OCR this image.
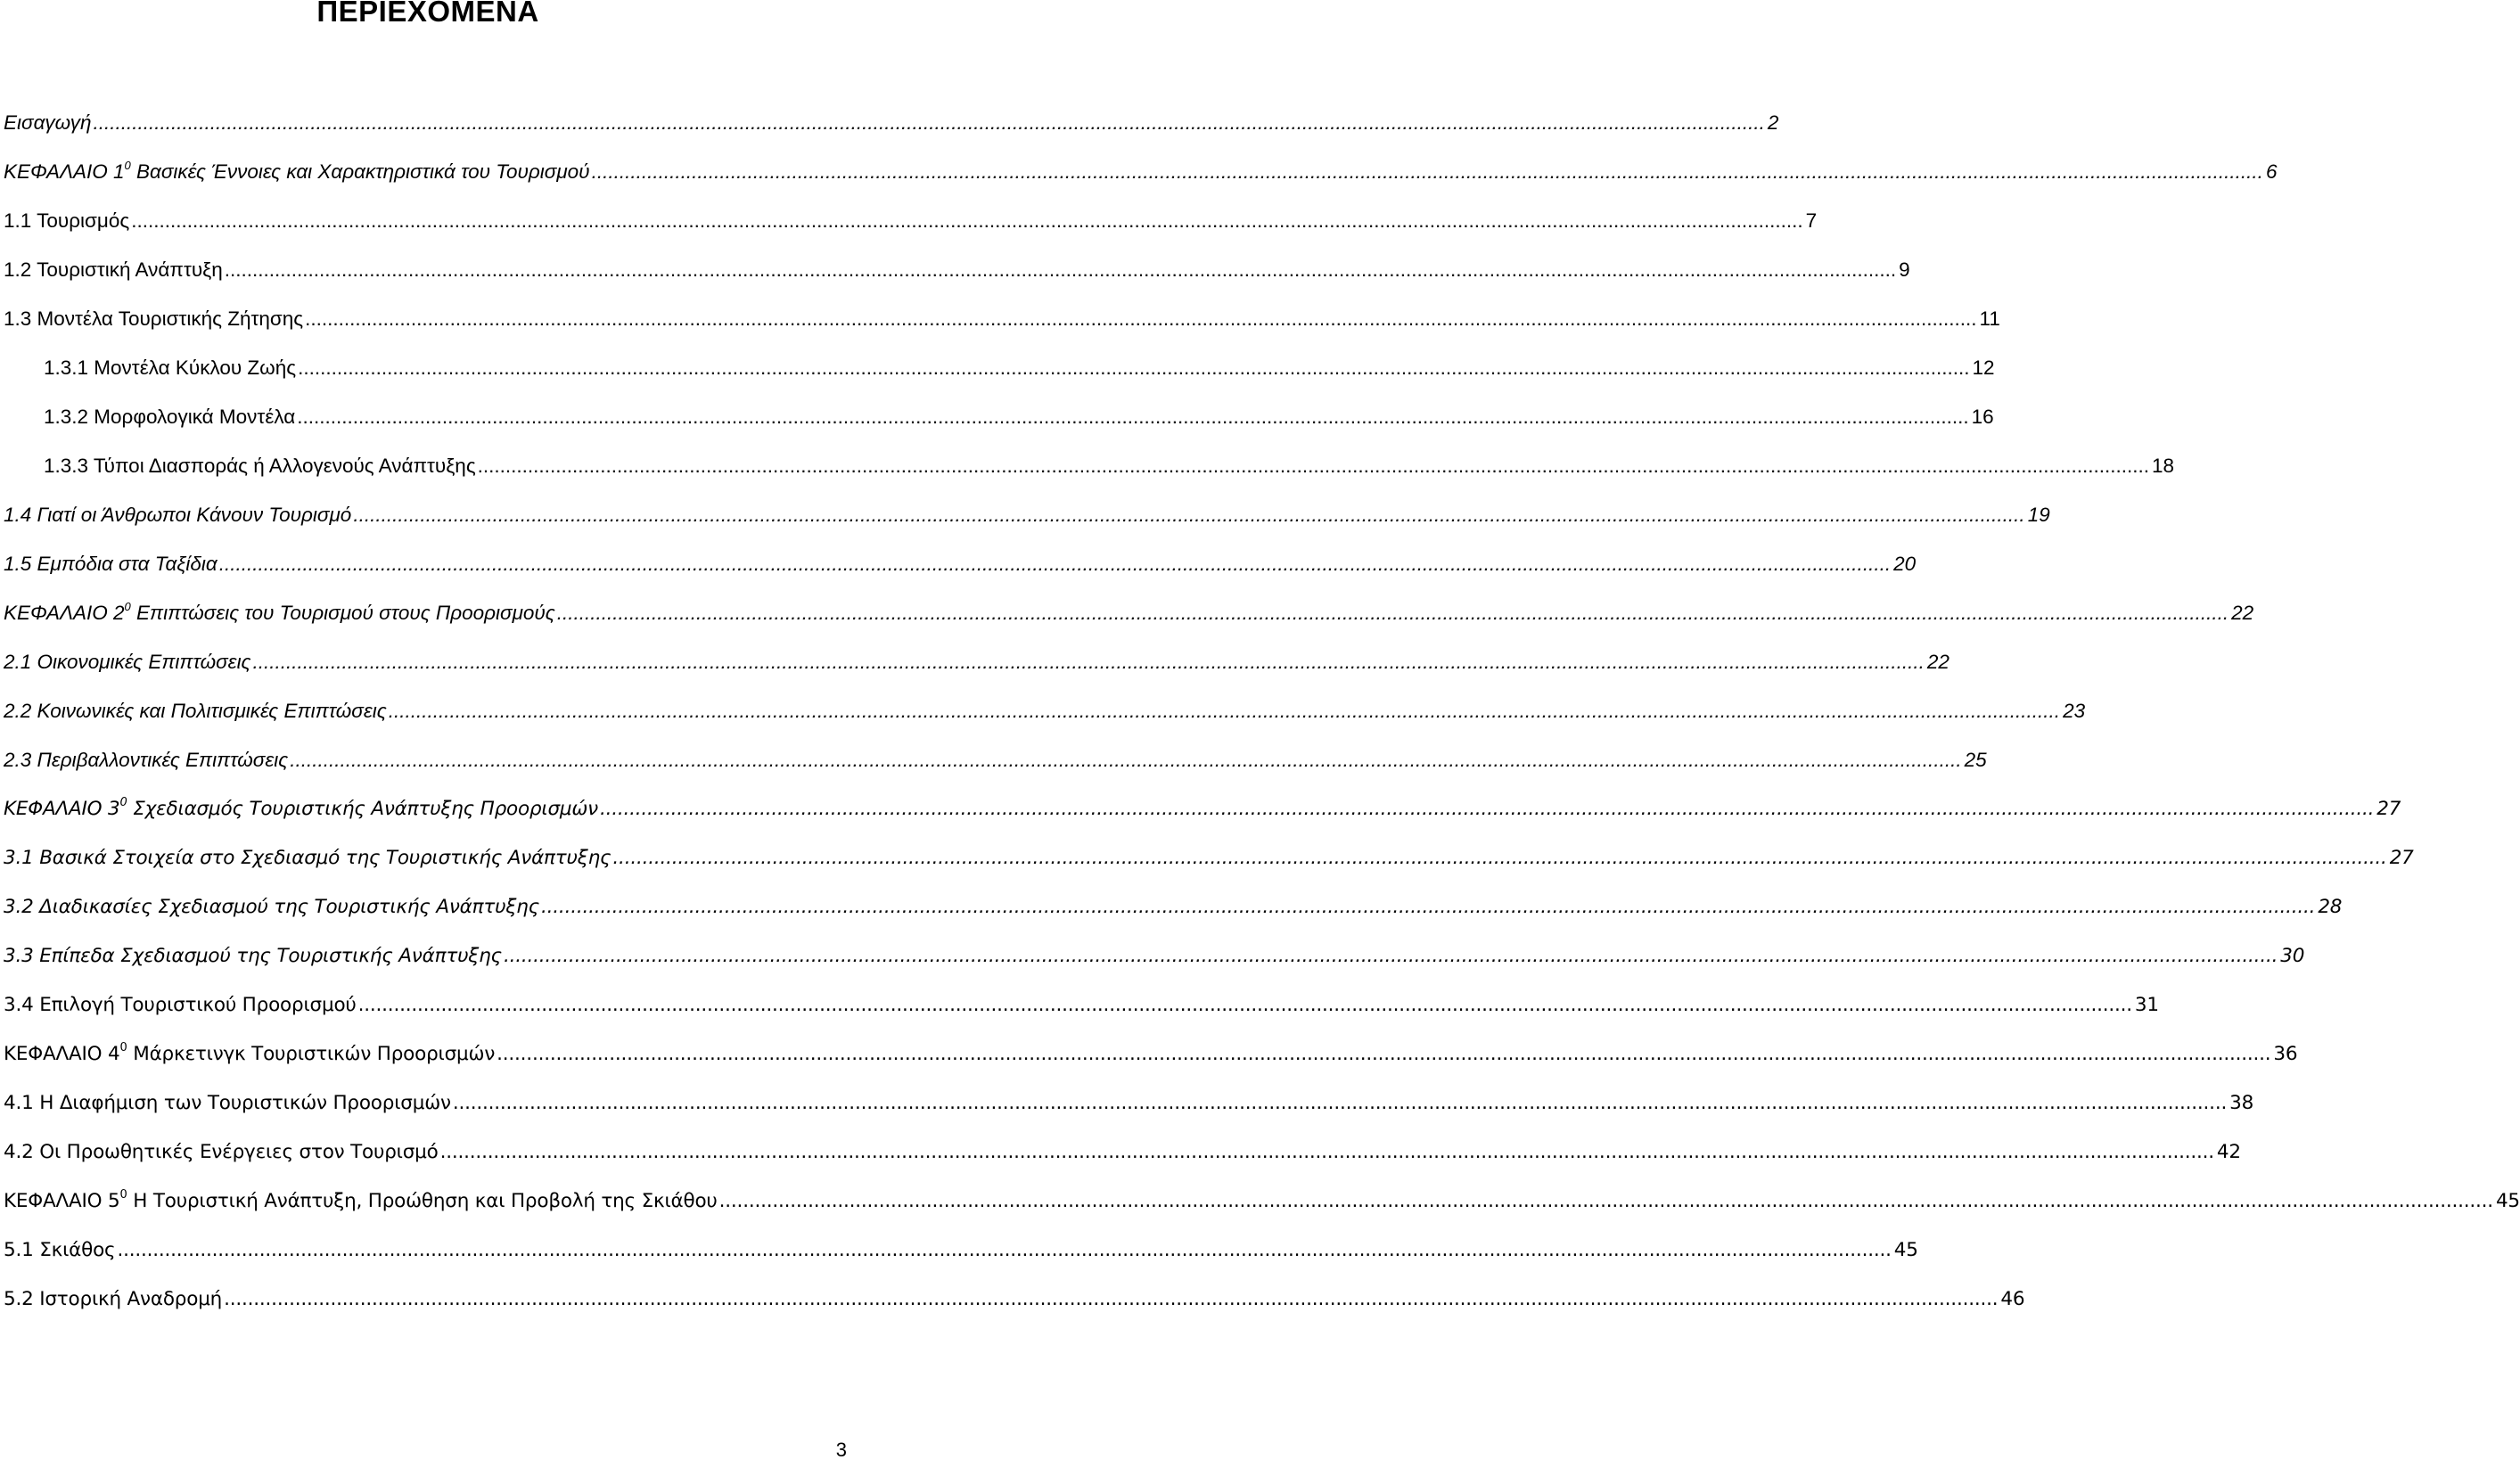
ΠΕΡΙΕΧΟΜΕΝΑ
Εισαγωγή ............................................................................................................................................................................................................................................................................................................ 2
ΚΕΦΑΛΑΙΟ $1^0$ Βασικές Έννοιες και Χαρακτηριστικά του Τουρισμού ............................................................................................................................................................................................................................................................................................................ 6
1.1 Τουρισμός ............................................................................................................................................................................................................................................................................................................ 7
1.2 Τουριστική Ανάπτυξη ............................................................................................................................................................................................................................................................................................................ 9
1.3 Μοντέλα Τουριστικής Ζήτησης ............................................................................................................................................................................................................................................................................................................ 11
1.3.1 Μοντέλα Κύκλου Ζωής ............................................................................................................................................................................................................................................................................................................ 12
1.3.2 Μορφολογικά Μοντέλα ............................................................................................................................................................................................................................................................................................................ 16
1.3.3 Τύποι Διασποράς ή Αλλογενούς Ανάπτυξης ............................................................................................................................................................................................................................................................................................................ 18
1.4 Γιατί οι Άνθρωποι Κάνουν Τουρισμό ............................................................................................................................................................................................................................................................................................................ 19
1.5 Εμπόδια στα Ταξίδια ............................................................................................................................................................................................................................................................................................................ 20
ΚΕΦΑΛΑΙΟ $2^0$ Επιπτώσεις του Τουρισμού στους Προορισμούς ............................................................................................................................................................................................................................................................................................................ 22
2.1 Οικονομικές Επιπτώσεις ............................................................................................................................................................................................................................................................................................................ 22
2.2 Κοινωνικές και Πολιτισμικές Επιπτώσεις ............................................................................................................................................................................................................................................................................................................ 23
2.3 Περιβαλλοντικές Επιπτώσεις ............................................................................................................................................................................................................................................................................................................ 25
ΚΕΦΑΛΑΙΟ $3^0$ Σχεδιασμός Τουριστικής Ανάπτυξης Προορισμών ............................................................................................................................................................................................................................................................................................................ 27
3.1 Βασικά Στοιχεία στο Σχεδιασμό της Τουριστικής Ανάπτυξης ............................................................................................................................................................................................................................................................................................................ 27
3.2 Διαδικασίες Σχεδιασμού της Τουριστικής Ανάπτυξης ............................................................................................................................................................................................................................................................................................................ 28
3.3 Επίπεδα Σχεδιασμού της Τουριστικής Ανάπτυξης ............................................................................................................................................................................................................................................................................................................ 30
3.4 Επιλογή Τουριστικού Προορισμού ............................................................................................................................................................................................................................................................................................................ 31
ΚΕΦΑΛΑΙΟ $4^0$ Μάρκετινγκ Τουριστικών Προορισμών ............................................................................................................................................................................................................................................................................................................ 36
4.1 Η Διαφήμιση των Τουριστικών Προορισμών ............................................................................................................................................................................................................................................................................................................ 38
4.2 Οι Προωθητικές Ενέργειες στον Τουρισμό ............................................................................................................................................................................................................................................................................................................ 42
ΚΕΦΑΛΑΙΟ $5^0$ Η Τουριστική Ανάπτυξη, Προώθηση και Προβολή της Σκιάθου ............................................................................................................................................................................................................................................................................................................ 45
5.1 Σκιάθος ............................................................................................................................................................................................................................................................................................................ 45
5.2 Ιστορική Αναδρομή ............................................................................................................................................................................................................................................................................................................ 46
3
